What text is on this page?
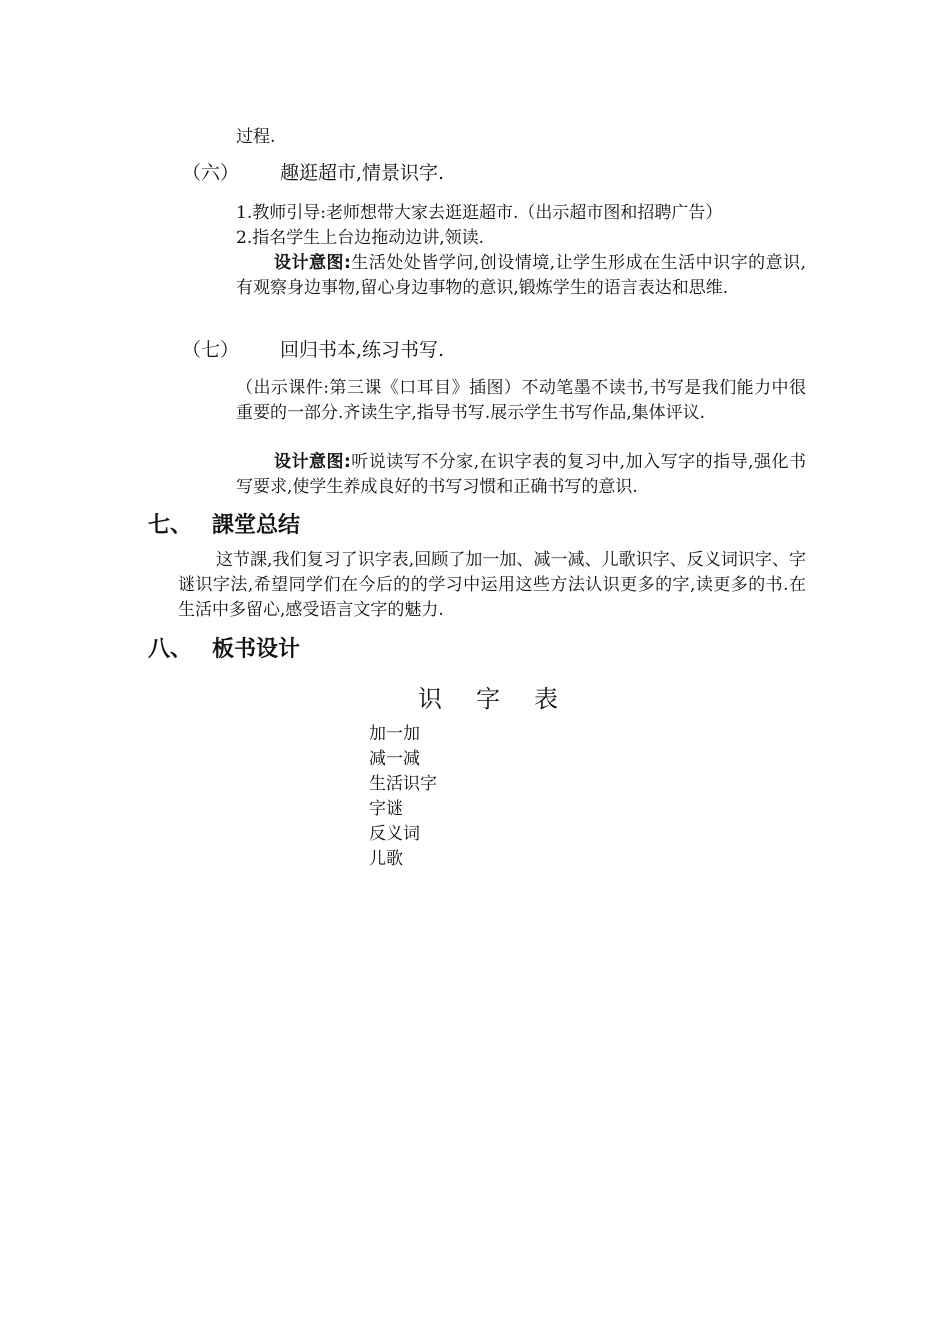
过程.
（六） 趣逛超市,情景识字.
1.教师引导:老师想带大家去逛逛超市.（出示超市图和招聘广告）
2.指名学生上台边拖动边讲,领读.
设计意图:生活处处皆学问,创设情境,让学生形成在生活中识字的意识,有观察身边事物,留心身边事物的意识,锻炼学生的语言表达和思维.
（七） 回归书本,练习书写.
（出示课件:第三课《口耳目》插图）不动笔墨不读书,书写是我们能力中很重要的一部分.齐读生字,指导书写.展示学生书写作品,集体评议.
设计意图:听说读写不分家,在识字表的复习中,加入写字的指导,强化书写要求,使学生养成良好的书写习惯和正确书写的意识.
七、 課堂总结
这节課,我们复习了识字表,回顾了加一加、减一减、儿歌识字、反义词识字、字谜识字法,希望同学们在今后的的学习中运用这些方法认识更多的字,读更多的书.在生活中多留心,感受语言文字的魅力.
八、 板书设计
识字表
加一加
减一减
生活识字
字谜
反义词
儿歌
